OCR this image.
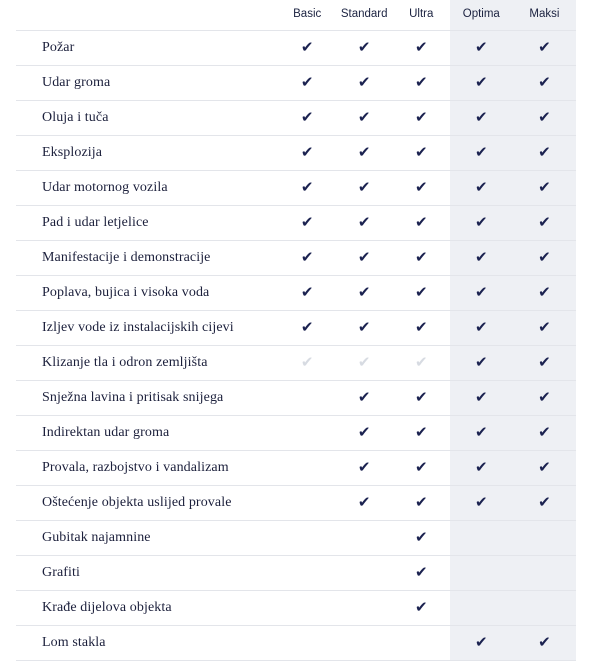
	Basic	Standard	Ultra	Optima	Maksi
Požar	✔	✔	✔	✔	✔
Udar groma	✔	✔	✔	✔	✔
Oluja i tuča	✔	✔	✔	✔	✔
Eksplozija	✔	✔	✔	✔	✔
Udar motornog vozila	✔	✔	✔	✔	✔
Pad i udar letjelice	✔	✔	✔	✔	✔
Manifestacije i demonstracije	✔	✔	✔	✔	✔
Poplava, bujica i visoka voda	✔	✔	✔	✔	✔
Izljev vode iz instalacijskih cijevi	✔	✔	✔	✔	✔
Klizanje tla i odron zemljišta	✔	✔	✔	✔	✔
Snježna lavina i pritisak snijega		✔	✔	✔	✔
Indirektan udar groma		✔	✔	✔	✔
Provala, razbojstvo i vandalizam		✔	✔	✔	✔
Oštećenje objekta uslijed provale		✔	✔	✔	✔
Gubitak najamnine			✔		
Grafiti			✔		
Krađe dijelova objekta			✔		
Lom stakla				✔	✔
